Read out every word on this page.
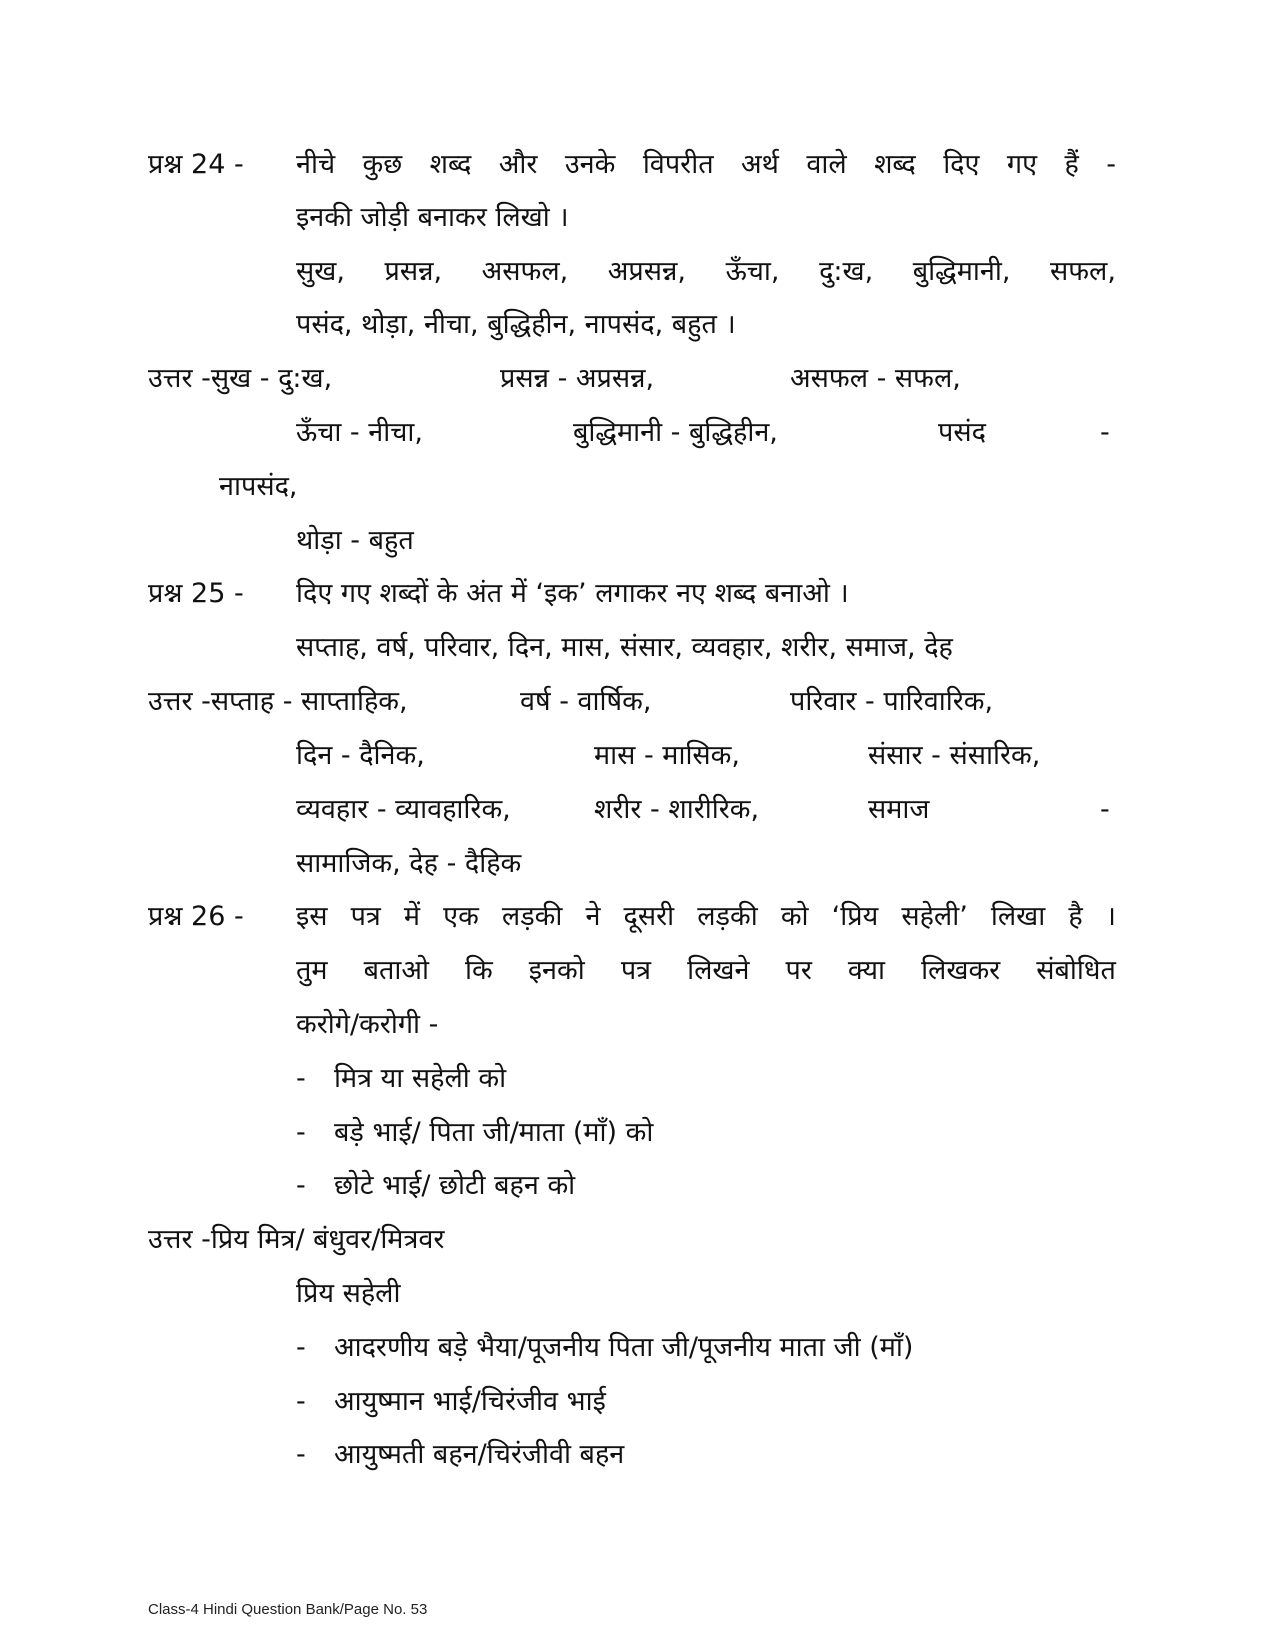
प्रश्न 24 - नीचे कुछ शब्द और उनके विपरीत अर्थ वाले शब्द दिए गए हैं -
इनकी जोड़ी बनाकर लिखो ।
सुख, प्रसन्न, असफल, अप्रसन्न, ऊँचा, दु:ख, बुद्धिमानी, सफल,
पसंद, थोड़ा, नीचा, बुद्धिहीन, नापसंद, बहुत ।
उत्तर -सुख - दु:ख,	प्रसन्न - अप्रसन्न,	असफल - सफल,
ऊँचा - नीचा,	बुद्धिमानी - बुद्धिहीन,	पसंद	-
नापसंद,
थोड़ा - बहुत
प्रश्न 25 - दिए गए शब्दों के अंत में ‘इक’ लगाकर नए शब्द बनाओ ।
सप्ताह, वर्ष, परिवार, दिन, मास, संसार, व्यवहार, शरीर, समाज, देह
उत्तर -सप्ताह - साप्ताहिक,	वर्ष - वार्षिक,	परिवार - पारिवारिक,
दिन - दैनिक,	मास - मासिक,	संसार - संसारिक,
व्यवहार - व्यावहारिक,	शरीर - शारीरिक,	समाज	-
सामाजिक, देह - दैहिक
प्रश्न 26 - इस पत्र में एक लड़की ने दूसरी लड़की को ‘प्रिय सहेली’ लिखा है ।
तुम बताओ कि इनको पत्र लिखने पर क्या लिखकर संबोधित
करोगे/करोगी -
- मित्र या सहेली को
- बड़े भाई/ पिता जी/माता (माँ) को
- छोटे भाई/ छोटी बहन को
उत्तर -प्रिय मित्र/ बंधुवर/मित्रवर
प्रिय सहेली
- आदरणीय बड़े भैया/पूजनीय पिता जी/पूजनीय माता जी (माँ)
- आयुष्मान भाई/चिरंजीव भाई
- आयुष्मती बहन/चिरंजीवी बहन
Class-4 Hindi Question Bank/Page No. 53
